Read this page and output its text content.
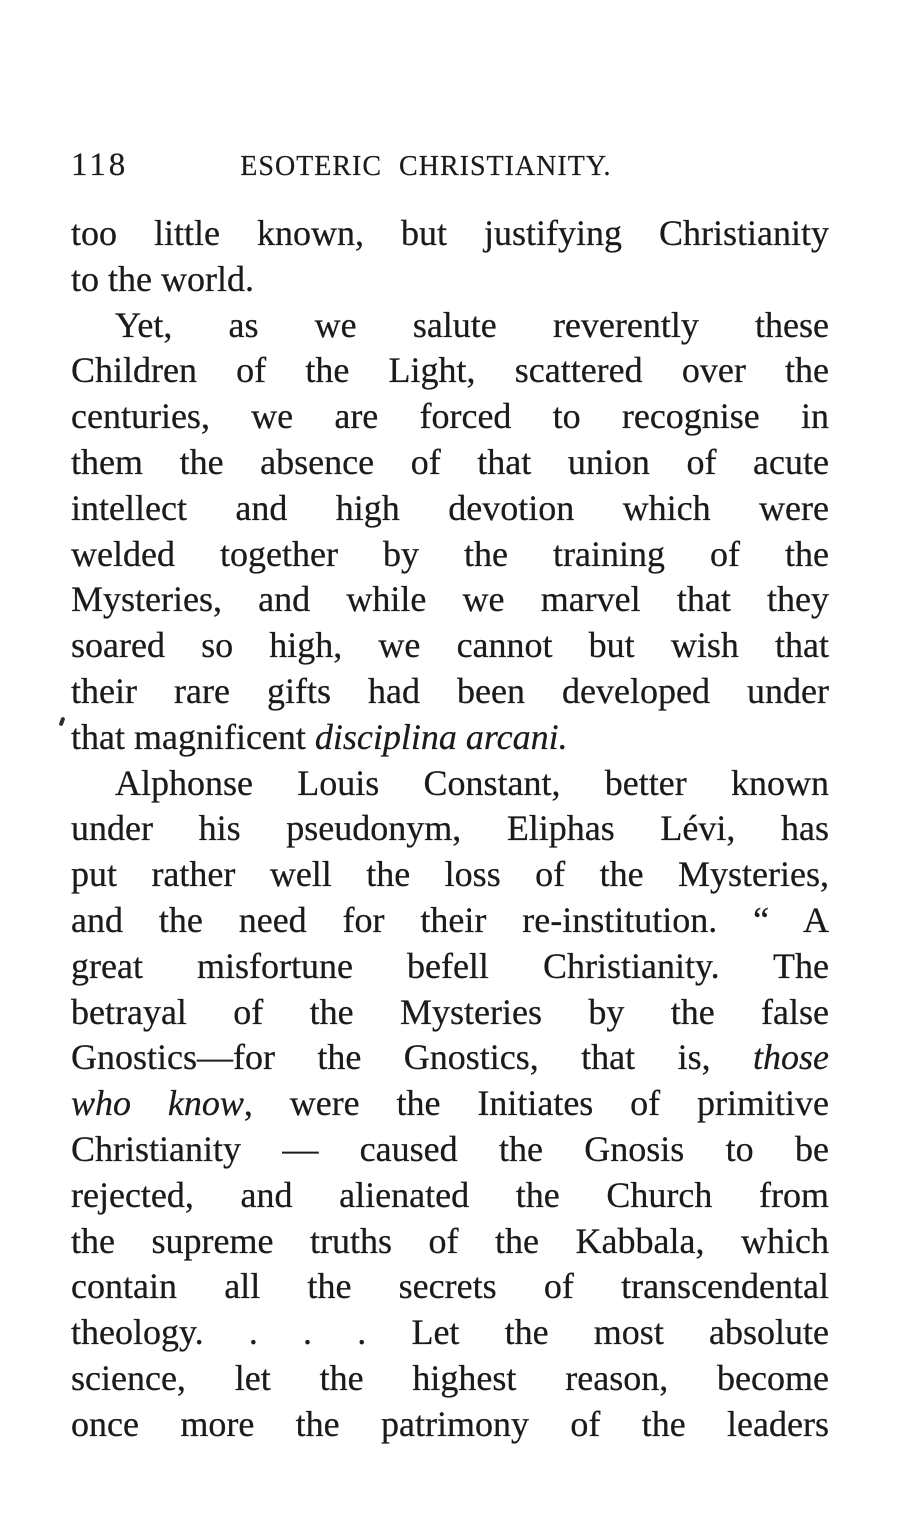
118	ESOTERIC CHRISTIANITY.
too little known, but justifying Christianity
to the world.
Yet, as we salute reverently these
Children of the Light, scattered over the
centuries, we are forced to recognise in
them the absence of that union of acute
intellect and high devotion which were
welded together by the training of the
Mysteries, and while we marvel that they
soared so high, we cannot but wish that
their rare gifts had been developed under
that magnificent disciplina arcani.
Alphonse Louis Constant, better known
under his pseudonym, Eliphas Lévi, has
put rather well the loss of the Mysteries,
and the need for their re-institution. “ A
great misfortune befell Christianity. The
betrayal of the Mysteries by the false
Gnostics—for the Gnostics, that is, those
who know, were the Initiates of primitive
Christianity — caused the Gnosis to be
rejected, and alienated the Church from
the supreme truths of the Kabbala, which
contain all the secrets of transcendental
theology. . . . Let the most absolute
science, let the highest reason, become
once more the patrimony of the leaders
